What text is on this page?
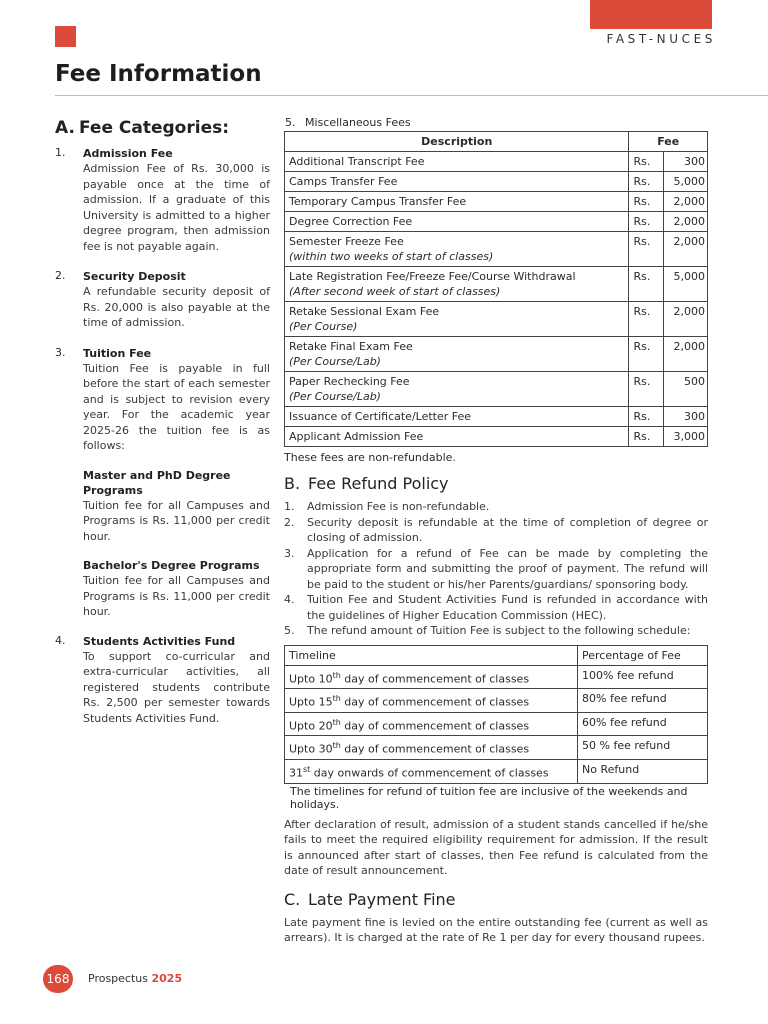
FAST-NUCES
Fee Information
A. Fee Categories:
1. Admission Fee
Admission Fee of Rs. 30,000 is payable once at the time of admission. If a graduate of this University is admitted to a higher degree program, then admission fee is not payable again.
2. Security Deposit
A refundable security deposit of Rs. 20,000 is also payable at the time of admission.
3. Tuition Fee
Tuition Fee is payable in full before the start of each semester and is subject to revision every year. For the academic year 2025-26 the tuition fee is as follows:
Master and PhD Degree Programs
Tuition fee for all Campuses and Programs is Rs. 11,000 per credit hour.
Bachelor's Degree Programs
Tuition fee for all Campuses and Programs is Rs. 11,000 per credit hour.
4. Students Activities Fund
To support co-curricular and extra-curricular activities, all registered students contribute Rs. 2,500 per semester towards Students Activities Fund.
5. Miscellaneous Fees
Description	Fee	

Additional Transcript Fee	Rs.	300

Camps Transfer Fee	Rs.	5,000

Temporary Campus Transfer Fee	Rs.	2,000

Degree Correction Fee	Rs.	2,000

Semester Freeze Fee
(within two weeks of start of classes)	Rs.	2,000

Late Registration Fee/Freeze Fee/Course Withdrawal
(After second week of start of classes)	Rs.	5,000

Retake Sessional Exam Fee
(Per Course)	Rs.	2,000

Retake Final Exam Fee
(Per Course/Lab)	Rs.	2,000

Paper Rechecking Fee
(Per Course/Lab)	Rs.	500

Issuance of Certificate/Letter Fee	Rs.	300

Applicant Admission Fee	Rs.	3,000
These fees are non-refundable.
B. Fee Refund Policy
1. Admission Fee is non-refundable.
2. Security deposit is refundable at the time of completion of degree or closing of admission.
3. Application for a refund of Fee can be made by completing the appropriate form and submitting the proof of payment. The refund will be paid to the student or his/her Parents/guardians/ sponsoring body.
4. Tuition Fee and Student Activities Fund is refunded in accordance with the guidelines of Higher Education Commission (HEC).
5. The refund amount of Tuition Fee is subject to the following schedule:
Timeline	Percentage of Fee
Upto 10th day of commencement of classes	100% fee refund
Upto 15th day of commencement of classes	80% fee refund
Upto 20th day of commencement of classes	60% fee refund
Upto 30th day of commencement of classes	50 % fee refund
31st day onwards of commencement of classes	No Refund
The timelines for refund of tuition fee are inclusive of the weekends and holidays.
After declaration of result, admission of a student stands cancelled if he/she fails to meet the required eligibility requirement for admission. If the result is announced after start of classes, then Fee refund is calculated from the date of result announcement.
C. Late Payment Fine
Late payment fine is levied on the entire outstanding fee (current as well as arrears). It is charged at the rate of Re 1 per day for every thousand rupees.
168	Prospectus 2025
